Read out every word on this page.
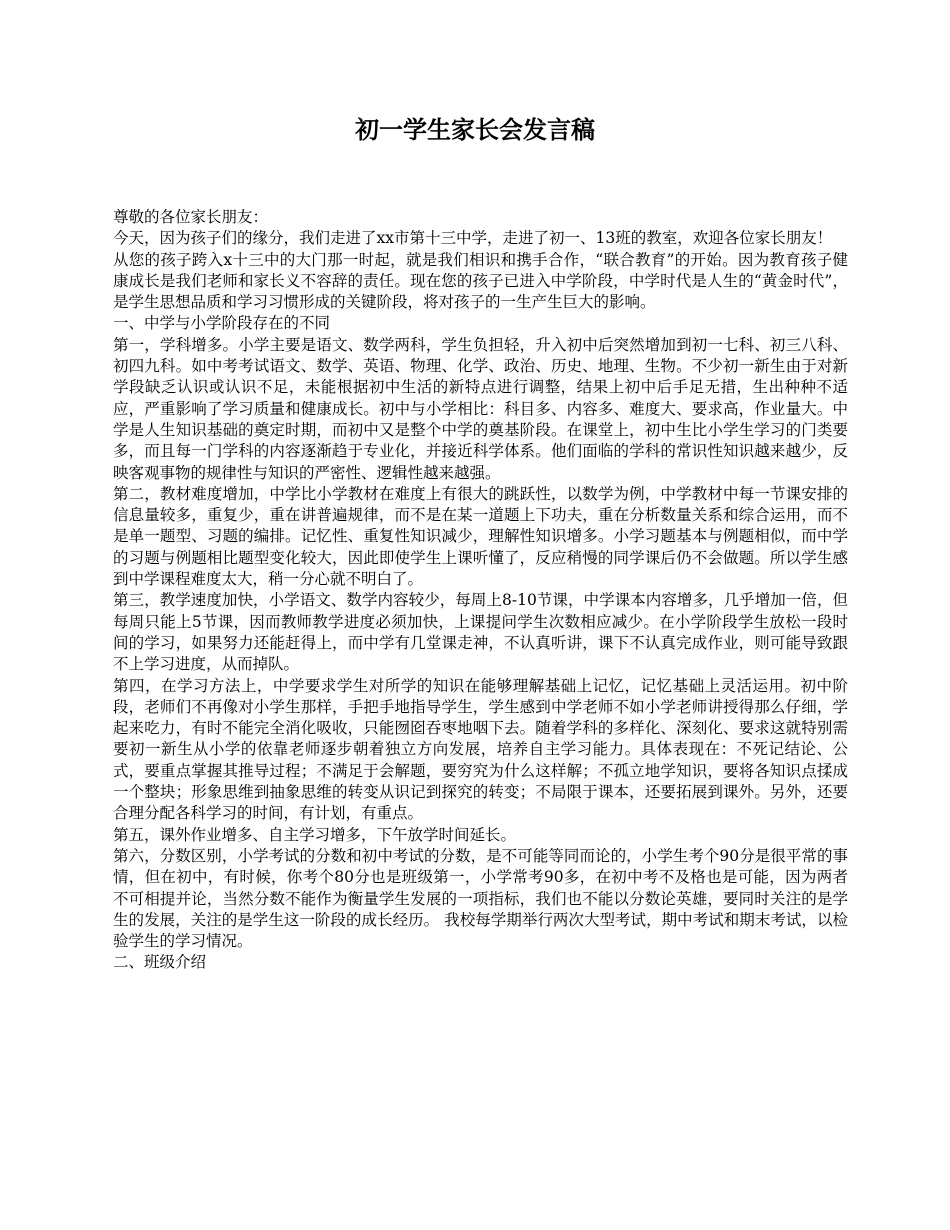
初一学生家长会发言稿

尊敬的各位家长朋友：

今天，因为孩子们的缘分，我们走进了xx市第十三中学，走进了初一、13班的教室，欢迎各位家长朋友！

从您的孩子跨入x十三中的大门那一时起，就是我们相识和携手合作，“联合教育”的开始。因为教育孩子健康成长是我们老师和家长义不容辞的责任。现在您的孩子已进入中学阶段，中学时代是人生的“黄金时代”，是学生思想品质和学习习惯形成的关键阶段，将对孩子的一生产生巨大的影响。

一、中学与小学阶段存在的不同

第一，学科增多。小学主要是语文、数学两科，学生负担轻，升入初中后突然增加到初一七科、初三八科、初四九科。如中考考试语文、数学、英语、物理、化学、政治、历史、地理、生物。不少初一新生由于对新学段缺乏认识或认识不足，未能根据初中生活的新特点进行调整，结果上初中后手足无措，生出种种不适应，严重影响了学习质量和健康成长。初中与小学相比：科目多、内容多、难度大、要求高，作业量大。中学是人生知识基础的奠定时期，而初中又是整个中学的奠基阶段。在课堂上，初中生比小学生学习的门类要多，而且每一门学科的内容逐渐趋于专业化，并接近科学体系。他们面临的学科的常识性知识越来越少，反映客观事物的规律性与知识的严密性、逻辑性越来越强。

第二，教材难度增加，中学比小学教材在难度上有很大的跳跃性，以数学为例，中学教材中每一节课安排的信息量较多，重复少，重在讲普遍规律，而不是在某一道题上下功夫，重在分析数量关系和综合运用，而不是单一题型、习题的编排。记忆性、重复性知识减少，理解性知识增多。小学习题基本与例题相似，而中学的习题与例题相比题型变化较大，因此即使学生上课听懂了，反应稍慢的同学课后仍不会做题。所以学生感到中学课程难度太大，稍一分心就不明白了。

第三，教学速度加快，小学语文、数学内容较少，每周上8-10节课，中学课本内容增多，几乎增加一倍，但每周只能上5节课，因而教师教学进度必须加快，上课提问学生次数相应减少。在小学阶段学生放松一段时间的学习，如果努力还能赶得上，而中学有几堂课走神，不认真听讲，课下不认真完成作业，则可能导致跟不上学习进度，从而掉队。

第四，在学习方法上，中学要求学生对所学的知识在能够理解基础上记忆，记忆基础上灵活运用。初中阶段，老师们不再像对小学生那样，手把手地指导学生，学生感到中学老师不如小学老师讲授得那么仔细，学起来吃力，有时不能完全消化吸收，只能囫囵吞枣地咽下去。随着学科的多样化、深刻化、要求这就特别需要初一新生从小学的依靠老师逐步朝着独立方向发展，培养自主学习能力。具体表现在：不死记结论、公式，要重点掌握其推导过程；不满足于会解题，要穷究为什么这样解；不孤立地学知识，要将各知识点揉成一个整块；形象思维到抽象思维的转变从识记到探究的转变；不局限于课本，还要拓展到课外。另外，还要合理分配各科学习的时间，有计划，有重点。

第五，课外作业增多、自主学习增多，下午放学时间延长。

第六，分数区别，小学考试的分数和初中考试的分数，是不可能等同而论的，小学生考个90分是很平常的事情，但在初中，有时候，你考个80分也是班级第一，小学常考90多，在初中考不及格也是可能，因为两者不可相提并论，当然分数不能作为衡量学生发展的一项指标，我们也不能以分数论英雄，要同时关注的是学生的发展，关注的是学生这一阶段的成长经历。 我校每学期举行两次大型考试，期中考试和期末考试，以检验学生的学习情况。

二、班级介绍
